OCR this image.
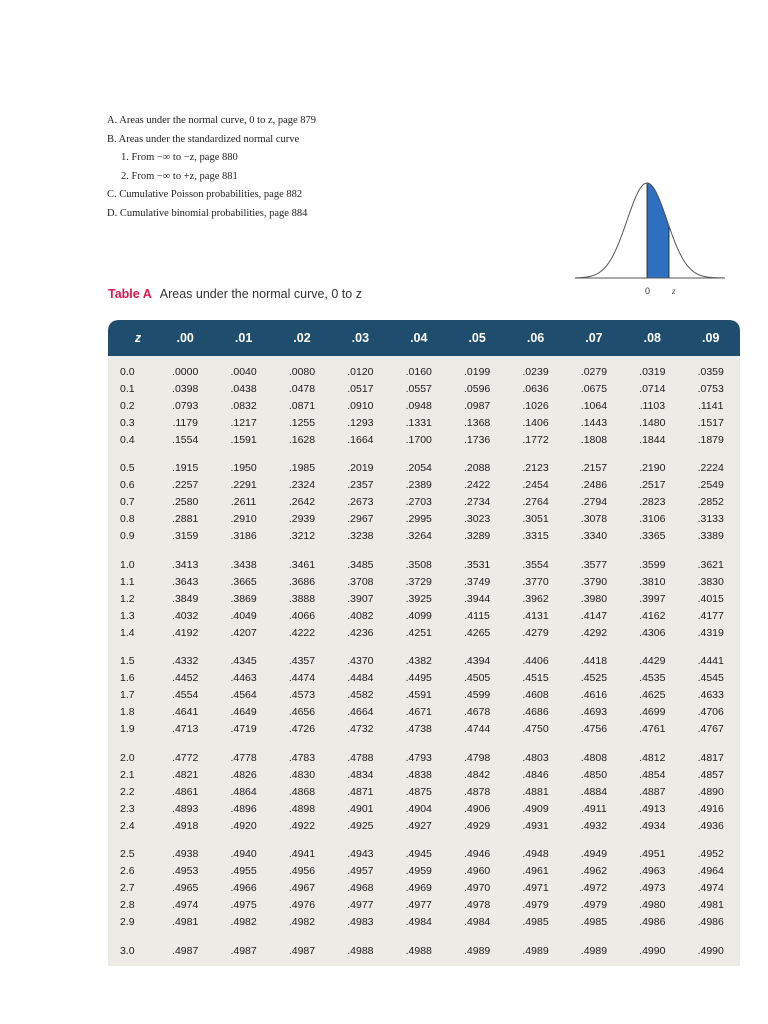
A. Areas under the normal curve, 0 to z, page 879
B. Areas under the standardized normal curve
1. From −∞ to −z, page 880
2. From −∞ to +z, page 881
C. Cumulative Poisson probabilities, page 882
D. Cumulative binomial probabilities, page 884
0 z
Table A Areas under the normal curve, 0 to z
z	.00	.01	.02	.03	.04	.05	.06	.07	.08	.09
0.0	.0000	.0040	.0080	.0120	.0160	.0199	.0239	.0279	.0319	.0359
0.1	.0398	.0438	.0478	.0517	.0557	.0596	.0636	.0675	.0714	.0753
0.2	.0793	.0832	.0871	.0910	.0948	.0987	.1026	.1064	.1103	.1141
0.3	.1179	.1217	.1255	.1293	.1331	.1368	.1406	.1443	.1480	.1517
0.4	.1554	.1591	.1628	.1664	.1700	.1736	.1772	.1808	.1844	.1879
0.5	.1915	.1950	.1985	.2019	.2054	.2088	.2123	.2157	.2190	.2224
0.6	.2257	.2291	.2324	.2357	.2389	.2422	.2454	.2486	.2517	.2549
0.7	.2580	.2611	.2642	.2673	.2703	.2734	.2764	.2794	.2823	.2852
0.8	.2881	.2910	.2939	.2967	.2995	.3023	.3051	.3078	.3106	.3133
0.9	.3159	.3186	.3212	.3238	.3264	.3289	.3315	.3340	.3365	.3389
1.0	.3413	.3438	.3461	.3485	.3508	.3531	.3554	.3577	.3599	.3621
1.1	.3643	.3665	.3686	.3708	.3729	.3749	.3770	.3790	.3810	.3830
1.2	.3849	.3869	.3888	.3907	.3925	.3944	.3962	.3980	.3997	.4015
1.3	.4032	.4049	.4066	.4082	.4099	.4115	.4131	.4147	.4162	.4177
1.4	.4192	.4207	.4222	.4236	.4251	.4265	.4279	.4292	.4306	.4319
1.5	.4332	.4345	.4357	.4370	.4382	.4394	.4406	.4418	.4429	.4441
1.6	.4452	.4463	.4474	.4484	.4495	.4505	.4515	.4525	.4535	.4545
1.7	.4554	.4564	.4573	.4582	.4591	.4599	.4608	.4616	.4625	.4633
1.8	.4641	.4649	.4656	.4664	.4671	.4678	.4686	.4693	.4699	.4706
1.9	.4713	.4719	.4726	.4732	.4738	.4744	.4750	.4756	.4761	.4767
2.0	.4772	.4778	.4783	.4788	.4793	.4798	.4803	.4808	.4812	.4817
2.1	.4821	.4826	.4830	.4834	.4838	.4842	.4846	.4850	.4854	.4857
2.2	.4861	.4864	.4868	.4871	.4875	.4878	.4881	.4884	.4887	.4890
2.3	.4893	.4896	.4898	.4901	.4904	.4906	.4909	.4911	.4913	.4916
2.4	.4918	.4920	.4922	.4925	.4927	.4929	.4931	.4932	.4934	.4936
2.5	.4938	.4940	.4941	.4943	.4945	.4946	.4948	.4949	.4951	.4952
2.6	.4953	.4955	.4956	.4957	.4959	.4960	.4961	.4962	.4963	.4964
2.7	.4965	.4966	.4967	.4968	.4969	.4970	.4971	.4972	.4973	.4974
2.8	.4974	.4975	.4976	.4977	.4977	.4978	.4979	.4979	.4980	.4981
2.9	.4981	.4982	.4982	.4983	.4984	.4984	.4985	.4985	.4986	.4986
3.0	.4987	.4987	.4987	.4988	.4988	.4989	.4989	.4989	.4990	.4990
